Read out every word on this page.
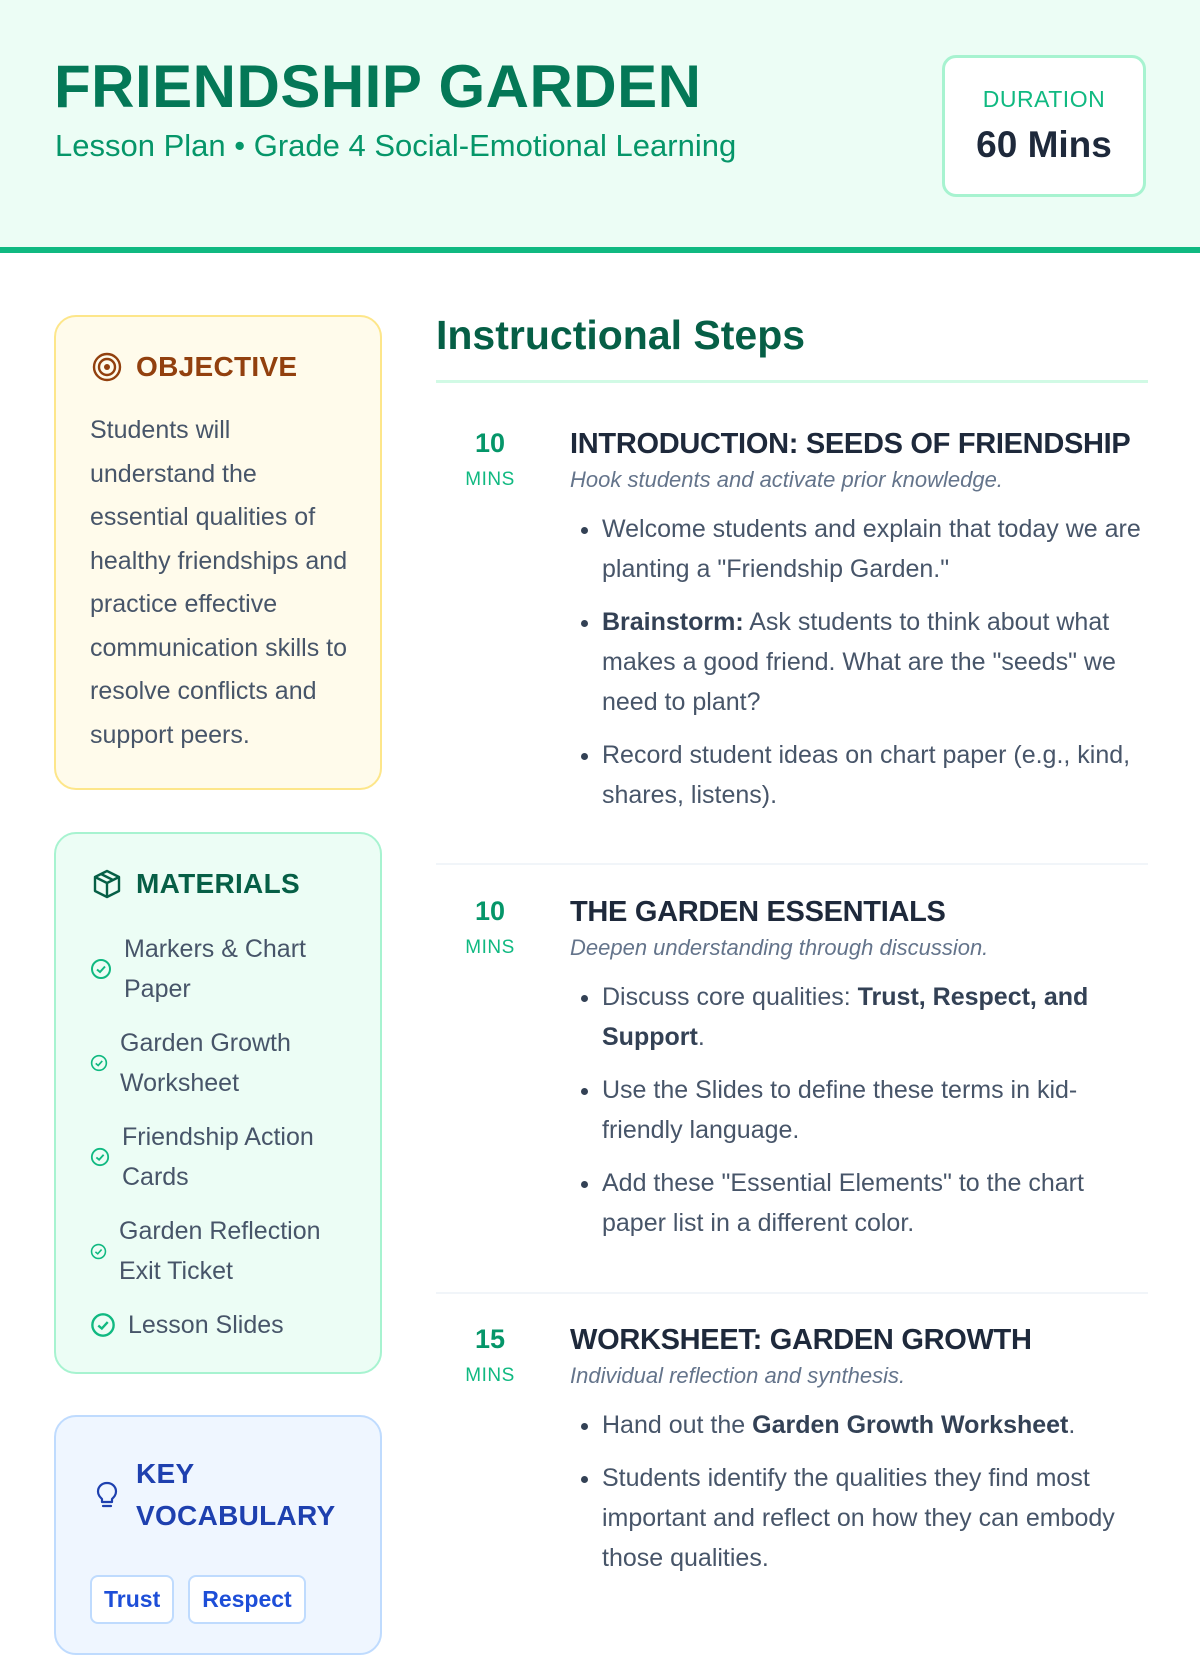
FRIENDSHIP GARDEN
Lesson Plan • Grade 4 Social-Emotional Learning
DURATION
60 Mins
OBJECTIVE
Students will understand the essential qualities of healthy friendships and practice effective communication skills to resolve conflicts and support peers.
MATERIALS
Markers & Chart Paper
Garden Growth Worksheet
Friendship Action Cards
Garden Reflection Exit Ticket
Lesson Slides
KEY
VOCABULARY
Trust	Respect
Instructional Steps
10
MINS
INTRODUCTION: SEEDS OF FRIENDSHIP
Hook students and activate prior knowledge.
• Welcome students and explain that today we are planting a "Friendship Garden."
• Brainstorm: Ask students to think about what makes a good friend. What are the "seeds" we need to plant?
• Record student ideas on chart paper (e.g., kind, shares, listens).
10
MINS
THE GARDEN ESSENTIALS
Deepen understanding through discussion.
• Discuss core qualities: Trust, Respect, and Support.
• Use the Slides to define these terms in kid-friendly language.
• Add these "Essential Elements" to the chart paper list in a different color.
15
MINS
WORKSHEET: GARDEN GROWTH
Individual reflection and synthesis.
• Hand out the Garden Growth Worksheet.
• Students identify the qualities they find most important and reflect on how they can embody those qualities.
